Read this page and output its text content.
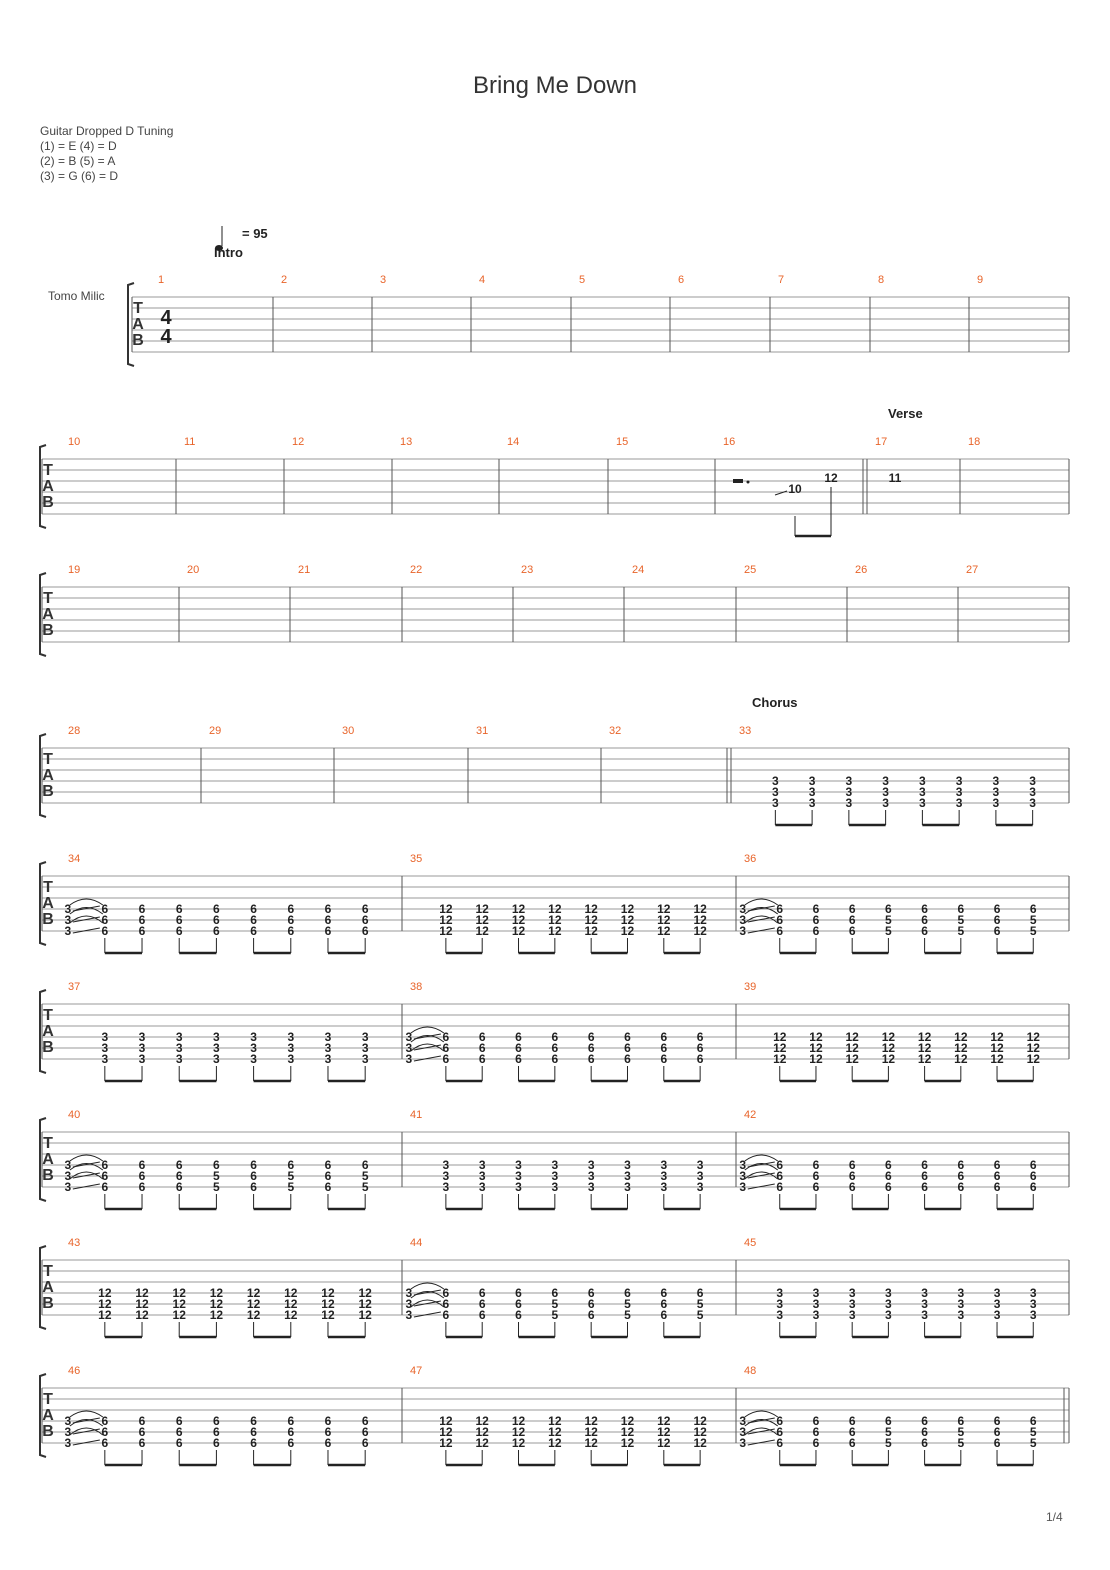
Bring Me Down
Guitar Dropped D Tuning
(1) = E (4) = D
(2) = B (5) = A
(3) = G (6) = D
= 95
Intro
Verse
Chorus
Tomo Milic
T
A
B
4
4
1	2	3	4	5	6	7	8	9
T
A
B
10	11	12	13	14	15	16
10
12
17
11
18
T
A
B
19	20	21	22	23	24	25	26	27
T
A
B
28	29	30	31	32	33
3
3
3
3
3
3
3
3
3
3
3
3
3
3
3
3
3
3
3
3
3
3
3
3
T
A
B
34
3
3
3
6
6
6
6
6
6
6
6
6
6
6
6
6
6
6
6
6
6
6
6
6
6
6
6
35
12
12
12
12
12
12
12
12
12
12
12
12
12
12
12
12
12
12
12
12
12
12
12
12
36
3
3
3
6
6
6
6
6
6
6
6
6
6
5
5
6
6
6
6
5
5
6
6
6
6
5
5
T
A
B
37
3
3
3
3
3
3
3
3
3
3
3
3
3
3
3
3
3
3
3
3
3
3
3
3
38
3
3
3
6
6
6
6
6
6
6
6
6
6
6
6
6
6
6
6
6
6
6
6
6
6
6
6
39
12
12
12
12
12
12
12
12
12
12
12
12
12
12
12
12
12
12
12
12
12
12
12
12
T
A
B
40
3
3
3
6
6
6
6
6
6
6
6
6
6
5
5
6
6
6
6
5
5
6
6
6
6
5
5
41
3
3
3
3
3
3
3
3
3
3
3
3
3
3
3
3
3
3
3
3
3
3
3
3
42
3
3
3
6
6
6
6
6
6
6
6
6
6
6
6
6
6
6
6
6
6
6
6
6
6
6
6
T
A
B
43
12
12
12
12
12
12
12
12
12
12
12
12
12
12
12
12
12
12
12
12
12
12
12
12
44
3
3
3
6
6
6
6
6
6
6
6
6
6
5
5
6
6
6
6
5
5
6
6
6
6
5
5
45
3
3
3
3
3
3
3
3
3
3
3
3
3
3
3
3
3
3
3
3
3
3
3
3
T
A
B
46
3
3
3
6
6
6
6
6
6
6
6
6
6
6
6
6
6
6
6
6
6
6
6
6
6
6
6
47
12
12
12
12
12
12
12
12
12
12
12
12
12
12
12
12
12
12
12
12
12
12
12
12
48
3
3
3
6
6
6
6
6
6
6
6
6
6
5
5
6
6
6
6
5
5
6
6
6
6
5
5
1/4
